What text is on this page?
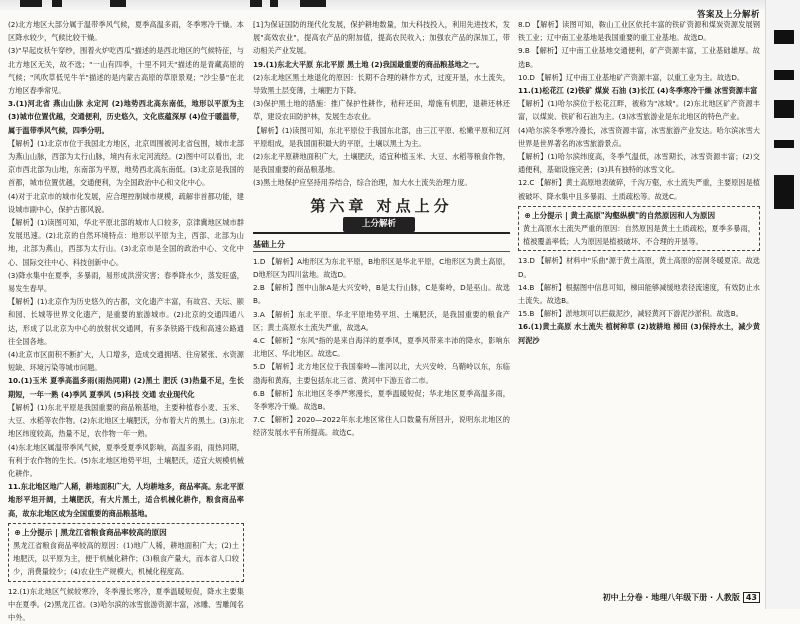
答案及上分解析

(2)北方地区大部分属于温带季风气候，夏季高温多雨，冬季寒冷干燥。本区降水较少，气候比较干燥。

(3)"早起皮袄午穿纱，围着火炉吃西瓜"描述的是西北地区的气候特征，与北方地区无关，故不选；"一山有四季，十里不同天"描述的是青藏高原的气候；"风吹草低见牛羊"描述的是内蒙古高原的草原景观；"沙尘暴"在北方地区春季常见。

3.(1)河北省 燕山山脉 永定河 (2)地势西北高东南低，地形以平原为主 (3)城市位置优越，交通便利，历史悠久，文化底蕴深厚 (4)位于暖温带，属于温带季风气候，四季分明。

【解析】(1)北京市位于我国北方地区，北京周围被河北省包围，城市北部为燕山山脉，西部为太行山脉，境内有永定河流经。(2)图中可以看出，北京市西北部为山地，东南部为平原，地势西北高东南低。(3)北京是我国的首都，城市位置优越，交通便利，为全国政治中心和文化中心。

(4)对于北京市的城市化发展，应合理控制城市规模，疏解非首都功能，建设城市副中心，保护古都风貌。

【解析】(1)读图可知，华北平原北部的城市人口较多，京津冀地区城市群发展迅速。(2)北京的自然环境特点：地形以平原为主，西部、北部为山地，北部为燕山，西部为太行山。(3)北京市是全国的政治中心、文化中心、国际交往中心、科技创新中心。

(3)降水集中在夏季，多暴雨，易形成洪涝灾害；春季降水少，蒸发旺盛，易发生春旱。

【解析】(1)北京作为历史悠久的古都，文化遗产丰富，有故宫、天坛、颐和园、长城等世界文化遗产，是重要的旅游城市。(2)北京的交通四通八达，形成了以北京为中心的放射状交通网，有多条铁路干线和高速公路通往全国各地。

(4)北京市区面积不断扩大，人口增多，造成交通拥堵、住房紧张、水资源短缺、环境污染等城市问题。

10.(1)玉米 夏季高温多雨(雨热同期) (2)黑土 肥沃 (3)热量不足，生长期短，一年一熟 (4)季风 夏季风 (5)科技 交通 农业现代化

【解析】(1)东北平原是我国重要的商品粮基地，主要种植春小麦、玉米、大豆、水稻等农作物。(2)东北地区土壤肥沃，分布着大片的黑土。(3)东北地区纬度较高，热量不足，农作物一年一熟。

(4)东北地区属温带季风气候，夏季受夏季风影响，高温多雨，雨热同期，有利于农作物的生长。(5)东北地区地势平坦，土壤肥沃，适宜大规模机械化耕作。

11.东北地区地广人稀，耕地面积广大，人均耕地多，商品率高。东北平原地形平坦开阔，土壤肥沃，有大片黑土，适合机械化耕作，粮食商品率高，故东北地区成为全国重要的商品粮基地。

⊕上分提示 | 黑龙江省粮食商品率较高的原因
黑龙江省粮食商品率较高的原因：(1)地广人稀，耕地面积广大；(2)土地肥沃，以平原为主，便于机械化耕作；(3)粮食产量大，而本省人口较少，消费量较少；(4)农业生产规模大，机械化程度高。

12.(1)东北地区气候较寒冷，冬季漫长寒冷，夏季温暖短促，降水主要集中在夏季。(2)黑龙江省。(3)哈尔滨的冰雪旅游资源丰富，冰雕、雪雕闻名中外。

[1]为保证国防的现代化发展，保护耕地数量，加大科技投入，利用先进技术，发展"高效农业"，提高农产品的附加值，提高农民收入；加强农产品的深加工，带动相关产业发展。

19.(1)东北大平原 东北平原 黑土地 (2)我国最重要的商品粮基地之一。

(2)东北地区黑土地退化的原因：长期不合理的耕作方式，过度开垦，水土流失，导致黑土层变薄，土壤肥力下降。

(3)保护黑土地的措施：推广保护性耕作，秸秆还田，增施有机肥，退耕还林还草，建设农田防护林，发展生态农业。

【解析】(1)读图可知，东北平原位于我国东北部，由三江平原、松嫩平原和辽河平原组成，是我国面积最大的平原，土壤以黑土为主。

(2)东北平原耕地面积广大，土壤肥沃，适宜种植玉米、大豆、水稻等粮食作物，是我国重要的商品粮基地。

(3)黑土地保护应坚持用养结合，综合治理，加大水土流失治理力度。

第六章 对点上分
上分解析
基础上分

1.D 【解析】A地形区为东北平原，B地形区是华北平原，C地形区为黄土高原，D地形区为四川盆地。故选D。

2.B 【解析】图中山脉A是大兴安岭，B是太行山脉，C是秦岭，D是巫山。故选B。

3.A 【解析】东北平原、华北平原地势平坦、土壤肥沃，是我国重要的粮食产区；黄土高原水土流失严重，故选A。

4.C 【解析】"东风"指的是来自海洋的夏季风，夏季风带来丰沛的降水，影响东北地区、华北地区。故选C。

5.D 【解析】北方地区位于我国秦岭—淮河以北，大兴安岭、乌鞘岭以东，东临渤海和黄海，主要包括东北三省、黄河中下游五省二市。

6.B 【解析】东北地区冬季严寒漫长，夏季温暖短促；华北地区夏季高温多雨，冬季寒冷干燥。故选B。

7.C 【解析】2020—2022年东北地区常住人口数量有所回升，说明东北地区的经济发展水平有所提高。故选C。

8.D 【解析】读图可知，鞍山工业区依托丰富的铁矿资源和煤炭资源发展钢铁工业；辽中南工业基地是我国重要的重工业基地。故选D。

9.B 【解析】辽中南工业基地交通便利，矿产资源丰富，工业基础雄厚。故选B。

10.D 【解析】辽中南工业基地矿产资源丰富，以重工业为主。故选D。

11.(1)松花江 (2)铁矿 煤炭 石油 (3)长江 (4)冬季寒冷干燥 冰雪资源丰富

【解析】(1)哈尔滨位于松花江畔，被称为"冰城"。(2)东北地区矿产资源丰富，以煤炭、铁矿和石油为主。(3)冰雪旅游业是东北地区的特色产业。

(4)哈尔滨冬季寒冷漫长，冰雪资源丰富，冰雪旅游产业发达。哈尔滨冰雪大世界是世界著名的冰雪旅游景点。

【解析】(1)哈尔滨纬度高，冬季气温低，冰雪期长，冰雪资源丰富；(2)交通便利，基础设施完善；(3)具有独特的冰雪文化。

12.C 【解析】黄土高原地表破碎，千沟万壑，水土流失严重，主要原因是植被破坏、降水集中且多暴雨、土质疏松等。故选C。

⊕上分提示 | 黄土高原"沟壑纵横"的自然原因和人为原因
黄土高原水土流失严重的原因：自然原因是黄土土质疏松，夏季多暴雨，植被覆盖率低；人为原因是植被破坏、不合理的开垦等。

13.D 【解析】材料中"乐曲"源于黄土高原，黄土高原的窑洞冬暖夏凉。故选D。

14.B 【解析】根据图中信息可知，梯田能够减缓地表径流速度，有效防止水土流失。故选B。

15.B 【解析】淤地坝可以拦截泥沙，减轻黄河下游泥沙淤积。故选B。

16.(1)黄土高原 水土流失 植树种草 (2)坡耕地 梯田 (3)保持水土，减少黄河泥沙

初中上分卷 · 地理八年级下册 · 人教版 43
